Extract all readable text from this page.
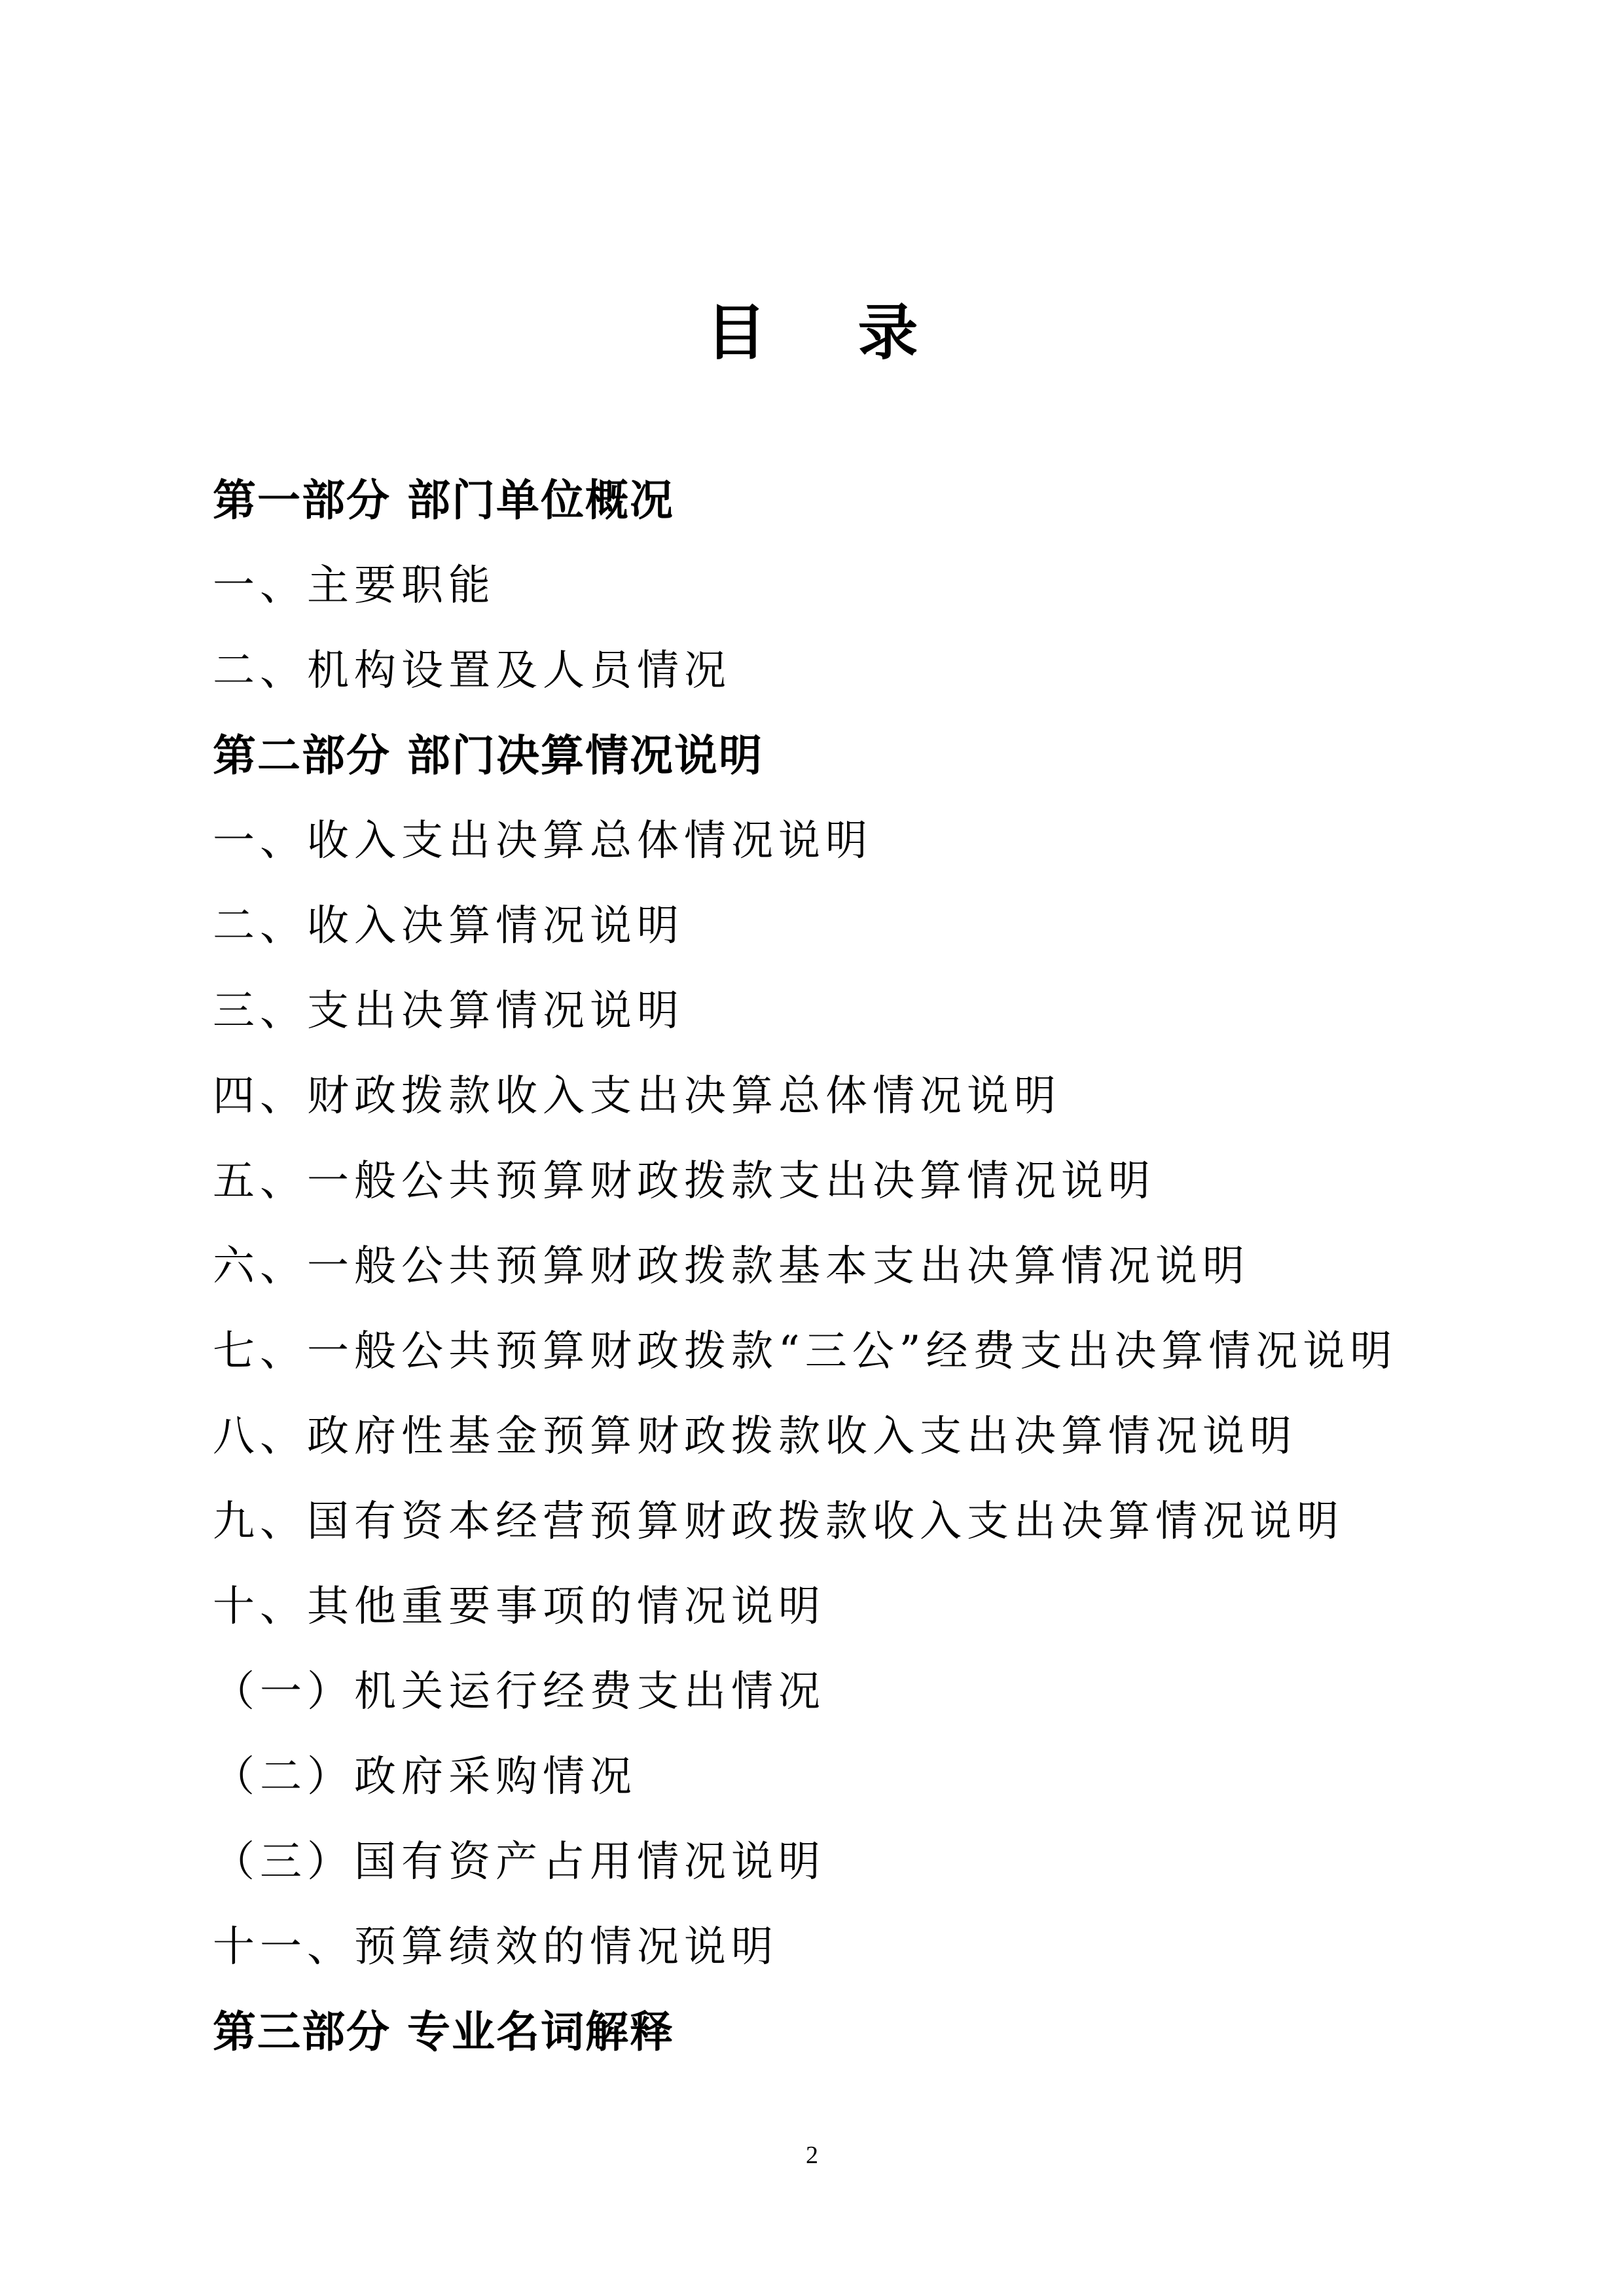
目 录
第一部分 部门单位概况
一、主要职能
二、机构设置及人员情况
第二部分 部门决算情况说明
一、收入支出决算总体情况说明
二、收入决算情况说明
三、支出决算情况说明
四、财政拨款收入支出决算总体情况说明
五、一般公共预算财政拨款支出决算情况说明
六、一般公共预算财政拨款基本支出决算情况说明
七、一般公共预算财政拨款“三公”经费支出决算情况说明
八、政府性基金预算财政拨款收入支出决算情况说明
九、国有资本经营预算财政拨款收入支出决算情况说明
十、其他重要事项的情况说明
（一）机关运行经费支出情况
（二）政府采购情况
（三）国有资产占用情况说明
十一、预算绩效的情况说明
第三部分 专业名词解释
2
